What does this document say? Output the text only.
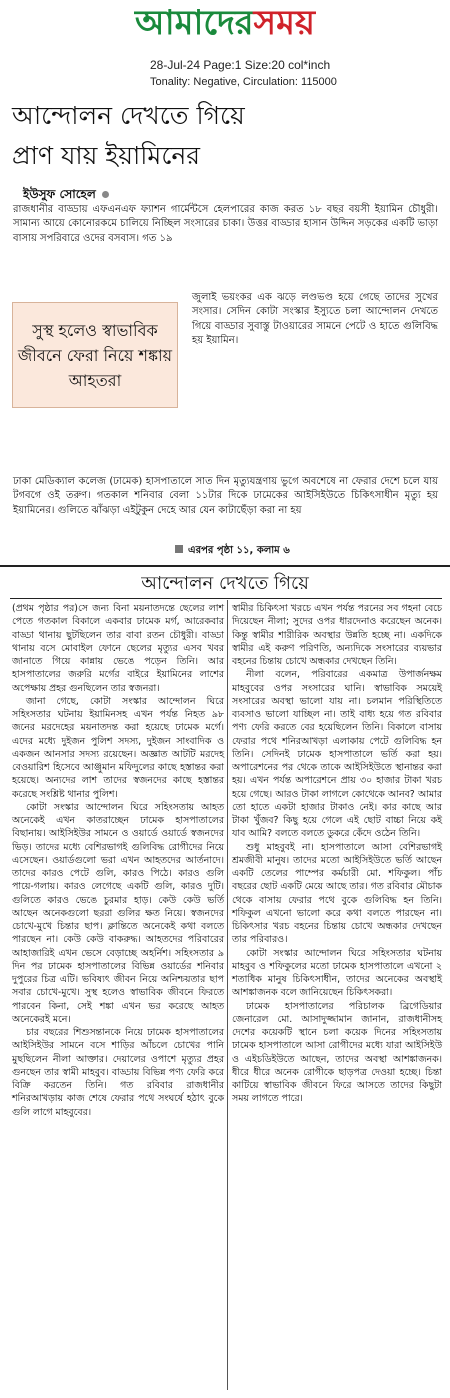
আমাদেরসময়
28-Jul-24 Page:1 Size:20 col*inch
Tonality: Negative, Circulation: 115000
আন্দোলন দেখতে গিয়ে
প্রাণ যায় ইয়ামিনের
ইউসুফ সোহেল
রাজধানীর বাড্ডায় এফএনএফ ফ্যাশন গার্মেন্টসে হেলপারের কাজ করত ১৮ বছর বয়সী ইয়ামিন চৌধুরী। সামান্য আয়ে কোনোরকমে চালিয়ে নিচ্ছিল সংসারের চাকা। উত্তর বাড্ডার হাসান উদ্দিন সড়কের একটি ভাড়া বাসায় সপরিবারে ওদের বসবাস। গত ১৯
সুস্থ হলেও স্বাভাবিক জীবনে ফেরা নিয়ে শঙ্কায় আহতরা
জুলাই ভয়ংকর এক ঝড়ে লণ্ডভণ্ড হয়ে গেছে তাদের সুখের সংসার। সেদিন কোটা সংস্কার ইস্যুতে চলা আন্দোলন দেখতে গিয়ে বাড্ডার সুবাস্তু টাওয়ারের সামনে পেটে ও হাতে গুলিবিদ্ধ হয় ইয়ামিন।
ঢাকা মেডিক্যাল কলেজ (ঢামেক) হাসপাতালে সাত দিন মৃত্যুযন্ত্রণায় ভুগে অবশেষে না ফেরার দেশে চলে যায় টগবগে ওই তরুণ। গতকাল শনিবার বেলা ১১টার দিকে ঢামেকের আইসিইউতে চিকিৎসাধীন মৃত্যু হয় ইয়ামিনের। গুলিতে ঝাঁঝড়া এইটুকুন দেহে আর যেন কাটাছেঁড়া করা না হয়
এরপর পৃষ্ঠা ১১, কলাম ৬
আন্দোলন দেখতে গিয়ে

(প্রথম পৃষ্ঠার পর)সে জন্য বিনা ময়নাতদন্তে ছেলের লাশ পেতে গতকাল বিকালে একবার ঢামেক মর্গ, আরেকবার বাড্ডা থানায় ছুটছিলেন তার বাবা রতন চৌধুরী। বাড্ডা থানায় বসে মোবাইল ফোনে ছেলের মৃত্যুর এসব খবর জানাতে গিয়ে কান্নায় ভেঙে পড়েন তিনি। আর হাসপাতালের জরুরি মর্গের বাইরে ইয়ামিনের লাশের অপেক্ষায় প্রহর গুনছিলেন তার স্বজনরা।

জানা গেছে, কোটা সংস্কার আন্দোলন ঘিরে সহিংসতার ঘটনায় ইয়ামিনসহ এখন পর্যন্ত নিহত ৯৮ জনের মরদেহের ময়নাতদন্ত করা হয়েছে ঢামেক মর্গে। এদের মধ্যে দুইজন পুলিশ সদস্য, দুইজন সাংবাদিক ও একজন আনসার সদস্য রয়েছেন। অজ্ঞাত আটটি মরদেহ বেওয়ারিশ হিসেবে আঞ্জুমান মফিদুলের কাছে হস্তান্তর করা হয়েছে। অন্যদের লাশ তাদের স্বজনদের কাছে হস্তান্তর করেছে সংশ্লিষ্ট থানার পুলিশ।

কোটা সংস্কার আন্দোলন ঘিরে সহিংসতায় আহত অনেকেই এখন কাতরাচ্ছেন ঢামেক হাসপাতালের বিছানায়। আইসিইউর সামনে ও ওয়ার্ডে ওয়ার্ডে স্বজনদের ভিড়। তাদের মধ্যে বেশিরভাগই গুলিবিদ্ধ রোগীদের নিয়ে এসেছেন। ওয়ার্ডগুলো ভরা এখন আহতদের আর্তনাদে। তাদের কারও পেটে গুলি, কারও পিঠে। কারও গুলি পায়ে-গলায়। কারও লেগেছে একটি গুলি, কারও দুটি। গুলিতে কারও ভেঙে চুরমার হাড়। কেউ কেউ ভর্তি আছেন অনেকগুলো ছররা গুলির ক্ষত নিয়ে। স্বজনদের চোখে-মুখে চিন্তার ছাপ। ক্লান্তিতে অনেকেই কথা বলতে পারছেন না। কেউ কেউ বাকরুদ্ধ। আহতদের পরিবারের আহাজারিই এখন ভেসে বেড়াচ্ছে অহর্নিশ। সহিংসতার ৯ দিন পর ঢামেক হাসপাতালের বিভিন্ন ওয়ার্ডের শনিবার দুপুরের চিত্র এটি। ভবিষ্যৎ জীবন নিয়ে অনিশ্চয়তার ছাপ সবার চোখে-মুখে। সুস্থ হলেও স্বাভাবিক জীবনে ফিরতে পারবেন কিনা, সেই শঙ্কা এখন ভর করেছে আহত অনেকেরই মনে।

চার বছরের শিশুসন্তানকে নিয়ে ঢামেক হাসপাতালের আইসিইউর সামনে বসে শাড়ির আঁচলে চোখের পানি মুছছিলেন নীলা আক্তার। দেয়ালের ওপাশে মৃত্যুর প্রহর গুনছেন তার স্বামী মাহবুব। বাড্ডায় বিভিন্ন পণ্য ফেরি করে বিক্রি করতেন তিনি। গত রবিবার রাজধানীর শনিরআখড়ায় কাজ শেষে ফেরার পথে সংঘর্ষে হঠাৎ বুকে গুলি লাগে মাহবুবের।

স্বামীর চিকিৎসা খরচে এখন পর্যন্ত পরনের সব গহনা বেচে দিয়েছেন নীলা; সুদের ওপর ধারদেনাও করেছেন অনেক। কিন্তু স্বামীর শারীরিক অবস্থার উন্নতি হচ্ছে না। একদিকে স্বামীর এই করুণ পরিণতি, অন্যদিকে সংসারের ব্যয়ভার বহনের চিন্তায় চোখে অন্ধকার দেখছেন তিনি।

নীলা বলেন, পরিবারের একমাত্র উপার্জনক্ষম মাহবুবের ওপর সংসারের ঘানি। স্বাভাবিক সময়েই সংসারের অবস্থা ভালো যায় না। চলমান পরিস্থিতিতে ব্যবসাও ভালো যাচ্ছিল না। তাই বাধ্য হয়ে গত রবিবার পণ্য ফেরি করতে বের হয়েছিলেন তিনি। বিকালে বাসায় ফেরার পথে শনিরআখড়া এলাকায় পেটে গুলিবিদ্ধ হন তিনি। সেদিনই ঢামেক হাসপাতালে ভর্তি করা হয়। অপারেশনের পর থেকে তাকে আইসিইউতে স্থানান্তর করা হয়। এখন পর্যন্ত অপারেশনে প্রায় ৩০ হাজার টাকা খরচ হয়ে গেছে। আরও টাকা লাগলে কোথেকে আনব? আমার তো হাতে একটা হাজার টাকাও নেই। কার কাছে আর টাকা খুঁজব? কিছু হয়ে গেলে এই ছোট বাচ্চা নিয়ে কই যাব আমি? বলতে বলতে ডুকরে কেঁদে ওঠেন তিনি।

শুধু মাহবুবই না। হাসপাতালে আসা বেশিরভাগই শ্রমজীবী মানুষ। তাদের মতো আইসিইউতে ভর্তি আছেন একটি তেলের পাম্পের কর্মচারী মো. শফিকুল। পাঁচ বছরের ছোট একটি মেয়ে আছে তার। গত রবিবার মৌচাক থেকে বাসায় ফেরার পথে বুকে গুলিবিদ্ধ হন তিনি। শফিকুল এখনো ভালো করে কথা বলতে পারছেন না। চিকিৎসার খরচ বহনের চিন্তায় চোখে অন্ধকার দেখছেন তার পরিবারও।

কোটা সংস্কার আন্দোলন ঘিরে সহিংসতার ঘটনায় মাহবুব ও শফিকুলের মতো ঢামেক হাসপাতালে এখনো ২ শতাধিক মানুষ চিকিৎসাধীন, তাদের অনেকের অবস্থাই আশঙ্কাজনক বলে জানিয়েছেন চিকিৎসকরা।

ঢামেক হাসপাতালের পরিচালক ব্রিগেডিয়ার জেনারেল মো. আসাদুজ্জামান জানান, রাজধানীসহ দেশের কয়েকটি স্থানে চলা কয়েক দিনের সহিংসতায় ঢামেক হাসপাতালে আসা রোগীদের মধ্যে যারা আইসিইউ ও এইচডিইউতে আছেন, তাদের অবস্থা আশঙ্কাজনক। ধীরে ধীরে অনেক রোগীকে ছাড়পত্র দেওয়া হচ্ছে। চিন্তা কাটিয়ে স্বাভাবিক জীবনে ফিরে আসতে তাদের কিছুটা সময় লাগতে পারে।
